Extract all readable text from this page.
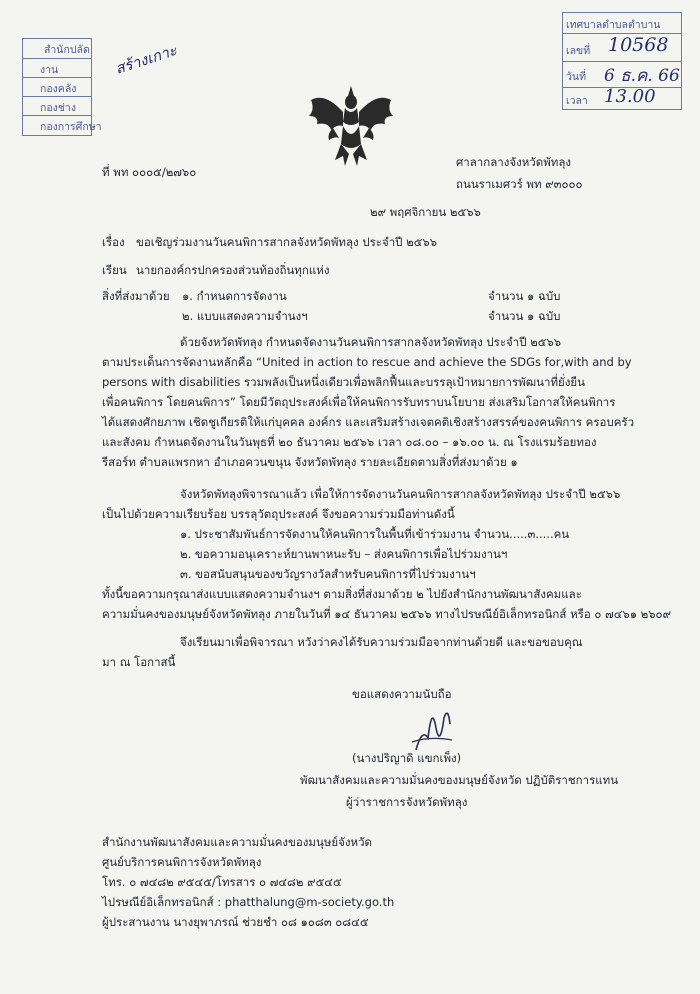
สำนักปลัด
งาน
กองคลัง
กองช่าง
กองการศึกษา
สร้างเกาะ
เทศบาลตำบลตำบาน
เลขที่
วันที่
เวลา
10568
6 ธ.ค. 66
13.00
ที่ พท ๐๐๐๕/๒๗๖๐
ศาลากลางจังหวัดพัทลุง
ถนนราเมศวร์ พท ๙๓๐๐๐
๒๙ พฤศจิกายน ๒๕๖๖
เรื่อง ขอเชิญร่วมงานวันคนพิการสากลจังหวัดพัทลุง ประจำปี ๒๕๖๖
เรียน นายกองค์กรปกครองส่วนท้องถิ่นทุกแห่ง
สิ่งที่ส่งมาด้วย ๑. กำหนดการจัดงาน	จำนวน ๑ ฉบับ
๒. แบบแสดงความจำนงฯ	จำนวน ๑ ฉบับ
ด้วยจังหวัดพัทลุง กำหนดจัดงานวันคนพิการสากลจังหวัดพัทลุง ประจำปี ๒๕๖๖
ตามประเด็นการจัดงานหลักคือ “United in action to rescue and achieve the SDGs for,with and by
persons with disabilities รวมพลังเป็นหนึ่งเดียวเพื่อพลิกฟื้นและบรรลุเป้าหมายการพัฒนาที่ยั่งยืน
เพื่อคนพิการ โดยคนพิการ” โดยมีวัตถุประสงค์เพื่อให้คนพิการรับทราบนโยบาย ส่งเสริมโอกาสให้คนพิการ
ได้แสดงศักยภาพ เชิดชูเกียรติให้แก่บุคคล องค์กร และเสริมสร้างเจตคติเชิงสร้างสรรค์ของคนพิการ ครอบครัว
และสังคม กำหนดจัดงานในวันพุธที่ ๒๐ ธันวาคม ๒๕๖๖ เวลา ๐๘.๐๐ – ๑๖.๐๐ น. ณ โรงแรมร้อยทอง
รีสอร์ท ตำบลแพรกหา อำเภอควนขนุน จังหวัดพัทลุง รายละเอียดตามสิ่งที่ส่งมาด้วย ๑
จังหวัดพัทลุงพิจารณาแล้ว เพื่อให้การจัดงานวันคนพิการสากลจังหวัดพัทลุง ประจำปี ๒๕๖๖
เป็นไปด้วยความเรียบร้อย บรรลุวัตถุประสงค์ จึงขอความร่วมมือท่านดังนี้
๑. ประชาสัมพันธ์การจัดงานให้คนพิการในพื้นที่เข้าร่วมงาน จำนวน.....๓.....คน
๒. ขอความอนุเคราะห์ยานพาหนะรับ – ส่งคนพิการเพื่อไปร่วมงานฯ
๓. ขอสนับสนุนของขวัญรางวัลสำหรับคนพิการที่ไปร่วมงานฯ
ทั้งนี้ขอความกรุณาส่งแบบแสดงความจำนงฯ ตามสิ่งที่ส่งมาด้วย ๒ ไปยังสำนักงานพัฒนาสังคมและ
ความมั่นคงของมนุษย์จังหวัดพัทลุง ภายในวันที่ ๑๔ ธันวาคม ๒๕๖๖ ทางไปรษณีย์อิเล็กทรอนิกส์ หรือ ๐ ๗๔๖๑ ๒๖๐๙
จึงเรียนมาเพื่อพิจารณา หวังว่าคงได้รับความร่วมมือจากท่านด้วยดี และขอขอบคุณ
มา ณ โอกาสนี้
ขอแสดงความนับถือ
(นางปริญาดิ แขกเพ็ง)
พัฒนาสังคมและความมั่นคงของมนุษย์จังหวัด ปฏิบัติราชการแทน
ผู้ว่าราชการจังหวัดพัทลุง
สำนักงานพัฒนาสังคมและความมั่นคงของมนุษย์จังหวัด
ศูนย์บริการคนพิการจังหวัดพัทลุง
โทร. ๐ ๗๔๘๒ ๙๕๔๕/โทรสาร ๐ ๗๔๘๒ ๙๕๔๕
ไปรษณีย์อิเล็กทรอนิกส์ : phatthalung@m-society.go.th
ผู้ประสานงาน นางยุพาภรณ์ ช่วยชำ ๐๘ ๑๐๘๓ ๐๘๔๕
